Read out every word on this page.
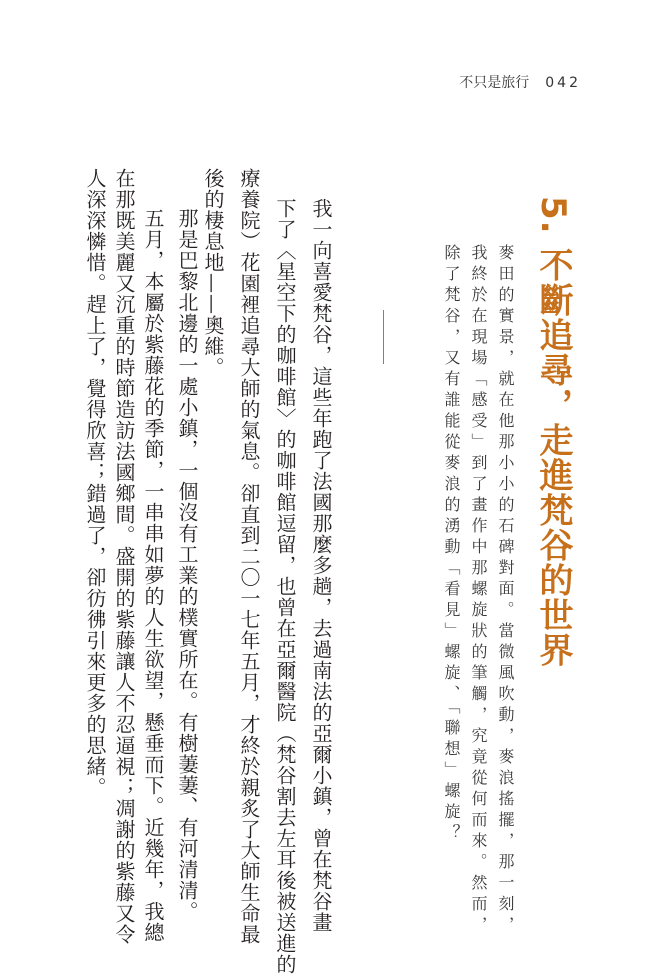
不只是旅行 042
5. 不斷追尋，走進梵谷的世界
麥田的實景，就在他那小小的石碑對面。當微風吹動，麥浪搖擺，那一刻，
我終於在現場「感受」到了畫作中那螺旋狀的筆觸，究竟從何而來。然而，
除了梵谷，又有誰能從麥浪的湧動「看見」螺旋、「聯想」螺旋？
我一向喜愛梵谷，這些年跑了法國那麼多趟，去過南法的亞爾小鎮，曾在梵谷畫
下了〈星空下的咖啡館〉的咖啡館逗留，也曾在亞爾醫院（梵谷割去左耳後被送進的
療養院）花園裡追尋大師的氣息。卻直到二〇一七年五月，才終於親炙了大師生命最
後的棲息地——奧維。
那是巴黎北邊的一處小鎮，一個沒有工業的樸實所在。有樹萋萋、有河清清。
五月，本屬於紫藤花的季節，一串串如夢的人生欲望，懸垂而下。近幾年，我總
在那既美麗又沉重的時節造訪法國鄉間。盛開的紫藤讓人不忍逼視；凋謝的紫藤又令
人深深憐惜。趕上了，覺得欣喜；錯過了，卻彷彿引來更多的思緒。
